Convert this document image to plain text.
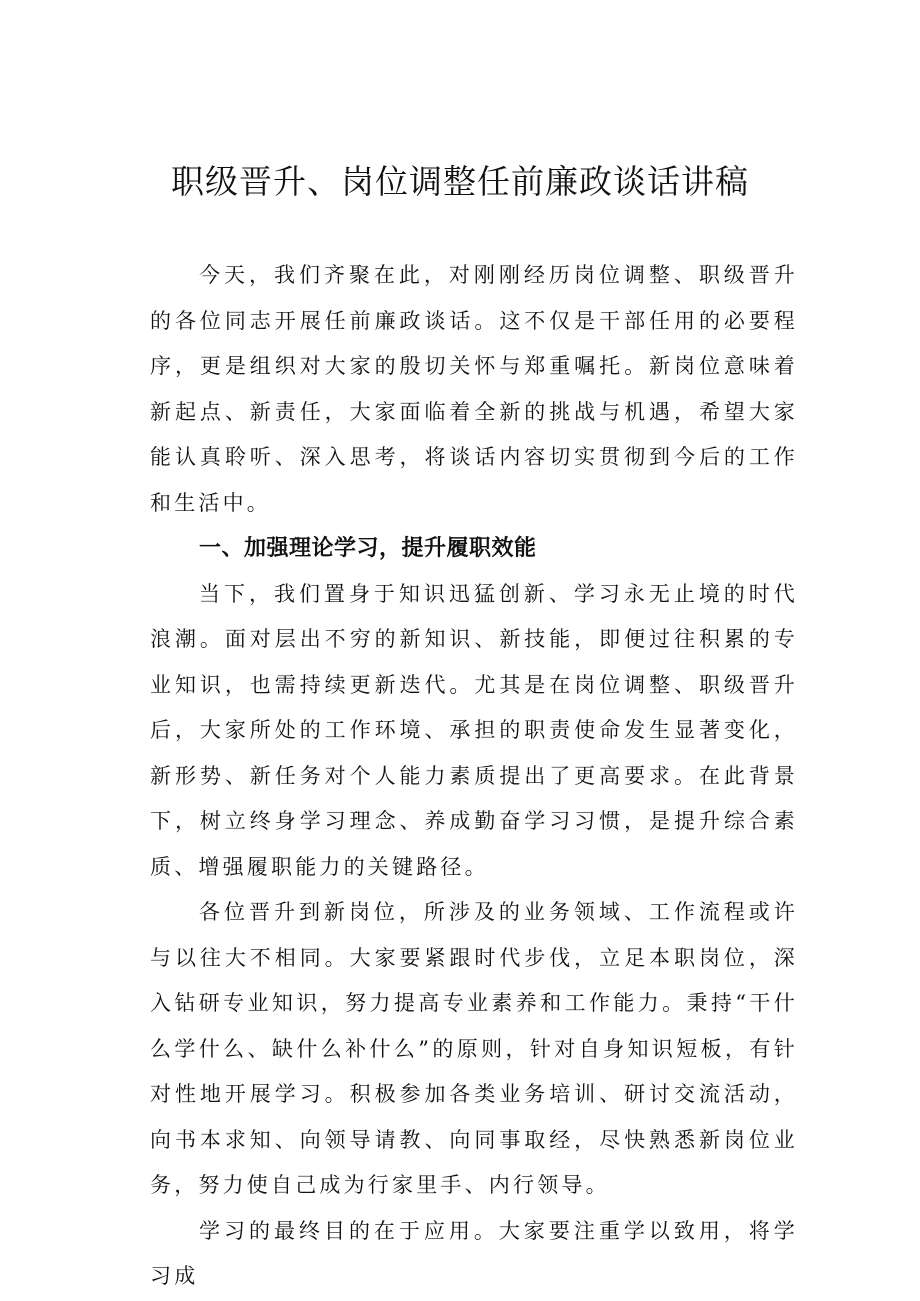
职级晋升、岗位调整任前廉政谈话讲稿

今天，我们齐聚在此，对刚刚经历岗位调整、职级晋升的各位同志开展任前廉政谈话。这不仅是干部任用的必要程序，更是组织对大家的殷切关怀与郑重嘱托。新岗位意味着新起点、新责任，大家面临着全新的挑战与机遇，希望大家能认真聆听、深入思考，将谈话内容切实贯彻到今后的工作和生活中。

一、加强理论学习，提升履职效能

当下，我们置身于知识迅猛创新、学习永无止境的时代浪潮。面对层出不穷的新知识、新技能，即便过往积累的专业知识，也需持续更新迭代。尤其是在岗位调整、职级晋升后，大家所处的工作环境、承担的职责使命发生显著变化，新形势、新任务对个人能力素质提出了更高要求。在此背景下，树立终身学习理念、养成勤奋学习习惯，是提升综合素质、增强履职能力的关键路径。

各位晋升到新岗位，所涉及的业务领域、工作流程或许与以往大不相同。大家要紧跟时代步伐，立足本职岗位，深入钻研专业知识，努力提高专业素养和工作能力。秉持“干什么学什么、缺什么补什么”的原则，针对自身知识短板，有针对性地开展学习。积极参加各类业务培训、研讨交流活动，向书本求知、向领导请教、向同事取经，尽快熟悉新岗位业务，努力使自己成为行家里手、内行领导。

学习的最终目的在于应用。大家要注重学以致用，将学习成
